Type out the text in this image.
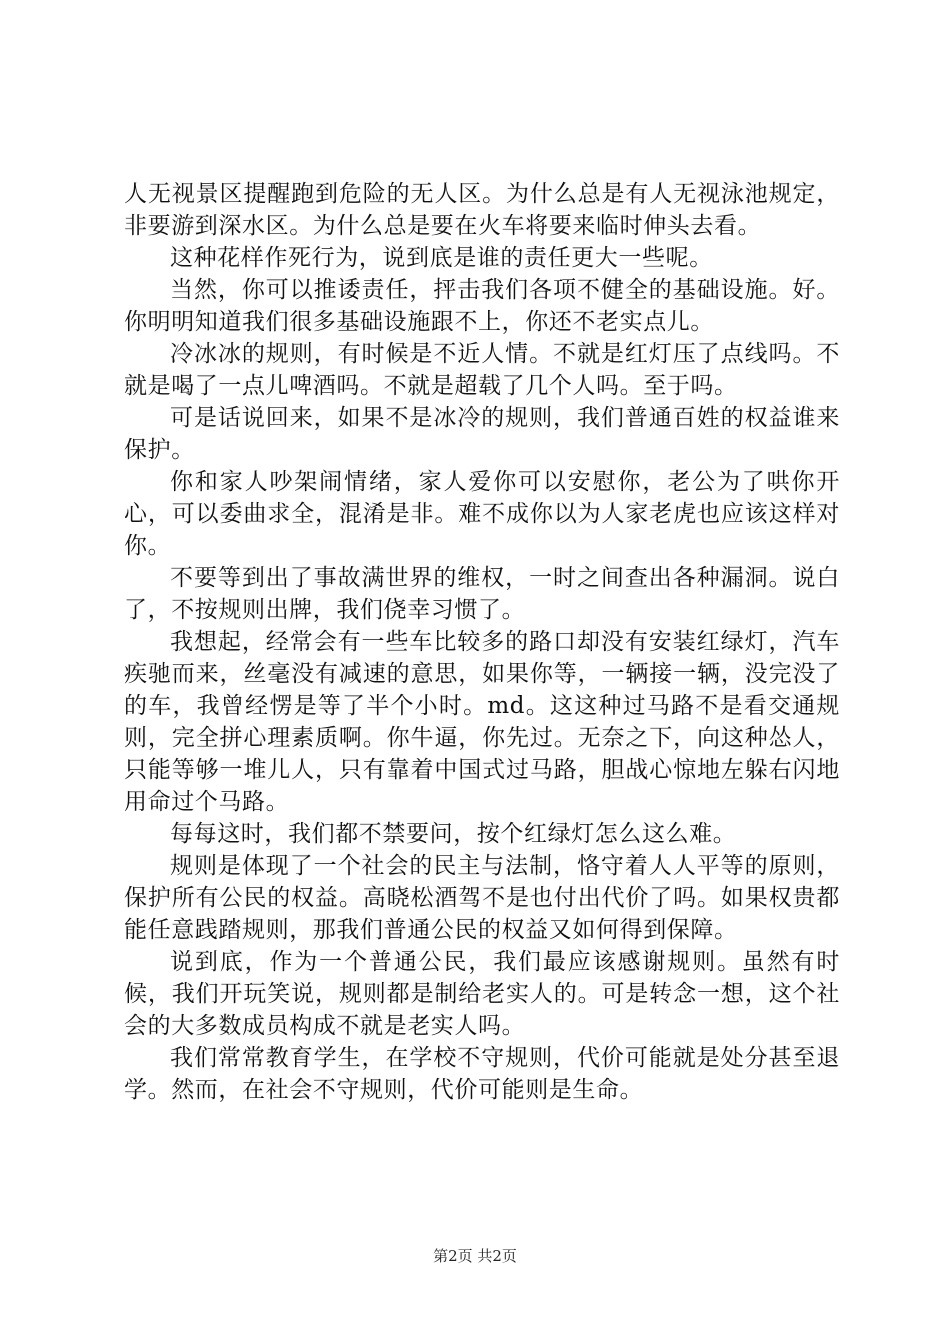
人无视景区提醒跑到危险的无人区。为什么总是有人无视泳池规定，非要游到深水区。为什么总是要在火车将要来临时伸头去看。

这种花样作死行为，说到底是谁的责任更大一些呢。

当然，你可以推诿责任，抨击我们各项不健全的基础设施。好。你明明知道我们很多基础设施跟不上，你还不老实点儿。

冷冰冰的规则，有时候是不近人情。不就是红灯压了点线吗。不就是喝了一点儿啤酒吗。不就是超载了几个人吗。至于吗。

可是话说回来，如果不是冰冷的规则，我们普通百姓的权益谁来保护。

你和家人吵架闹情绪，家人爱你可以安慰你，老公为了哄你开心，可以委曲求全，混淆是非。难不成你以为人家老虎也应该这样对你。

不要等到出了事故满世界的维权，一时之间查出各种漏洞。说白了，不按规则出牌，我们侥幸习惯了。

我想起，经常会有一些车比较多的路口却没有安装红绿灯，汽车疾驰而来，丝毫没有减速的意思，如果你等，一辆接一辆，没完没了的车，我曾经愣是等了半个小时。md。这这种过马路不是看交通规则，完全拼心理素质啊。你牛逼，你先过。无奈之下，向这种怂人，只能等够一堆儿人，只有靠着中国式过马路，胆战心惊地左躲右闪地用命过个马路。

每每这时，我们都不禁要问，按个红绿灯怎么这么难。

规则是体现了一个社会的民主与法制，恪守着人人平等的原则，保护所有公民的权益。高晓松酒驾不是也付出代价了吗。如果权贵都能任意践踏规则，那我们普通公民的权益又如何得到保障。

说到底，作为一个普通公民，我们最应该感谢规则。虽然有时候，我们开玩笑说，规则都是制给老实人的。可是转念一想，这个社会的大多数成员构成不就是老实人吗。

我们常常教育学生，在学校不守规则，代价可能就是处分甚至退学。然而，在社会不守规则，代价可能则是生命。

第2页 共2页
